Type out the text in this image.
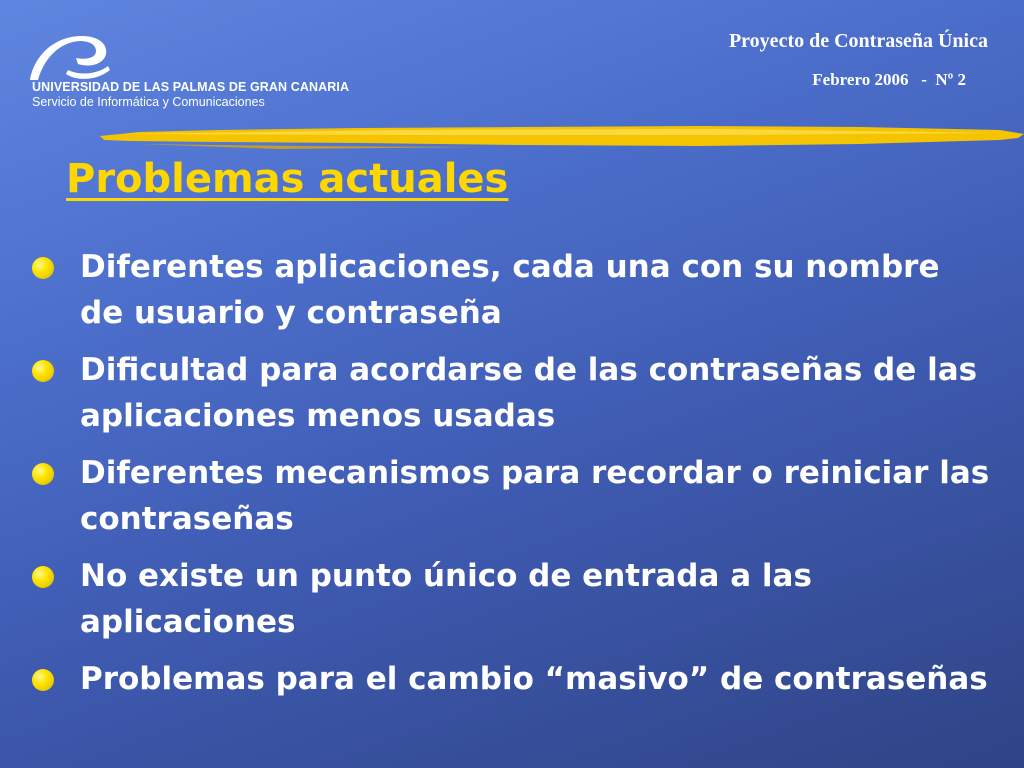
UNIVERSIDAD DE LAS PALMAS DE GRAN CANARIA
Servicio de Informática y Comunicaciones
Proyecto de Contraseña Única
Febrero 2006   -  Nº 2
Problemas actuales
Diferentes aplicaciones, cada una con su nombre de usuario y contraseña
Dificultad para acordarse de las contraseñas de las aplicaciones menos usadas
Diferentes mecanismos para recordar o reiniciar las contraseñas
No existe un punto único de entrada a las aplicaciones
Problemas para el cambio “masivo” de contraseñas
